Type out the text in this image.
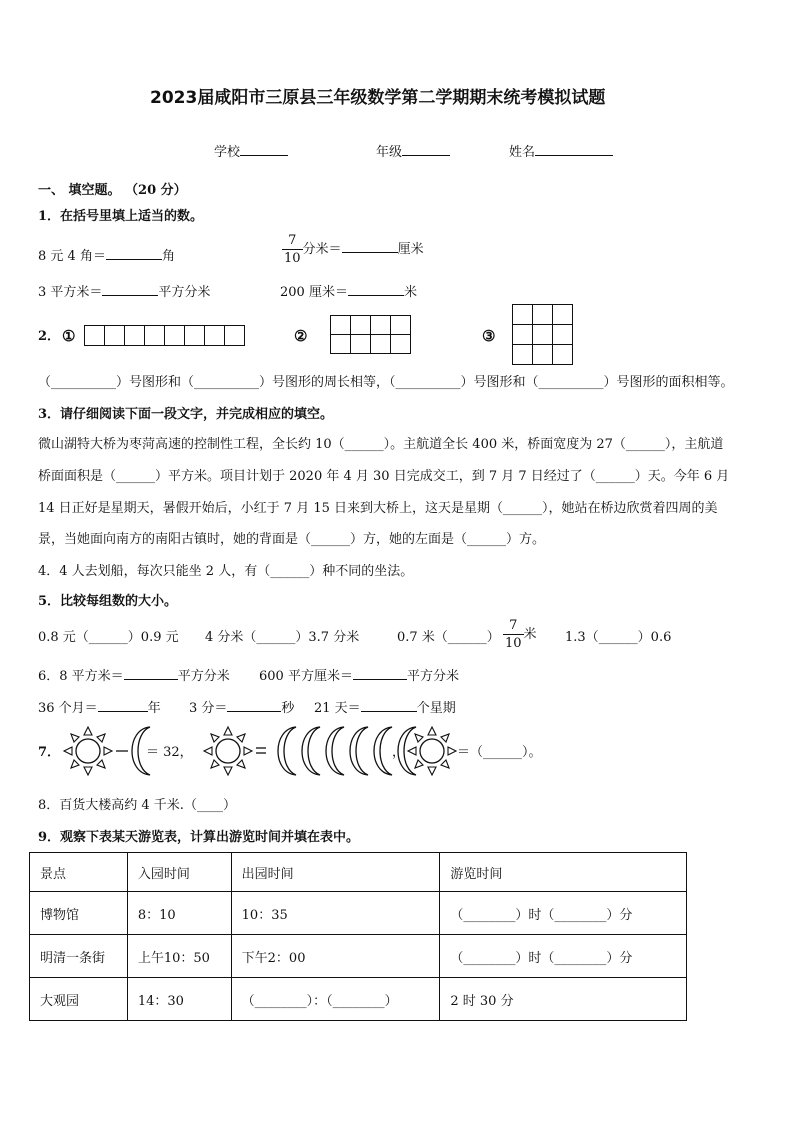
2023届咸阳市三原县三年级数学第二学期期末统考模拟试题
学校	年级	姓名
一、 填空题。 （20 分）
1．在括号里填上适当的数。
8 元 4 角＝	角	$\frac{7}{10}$ 分米＝	厘米
3 平方米＝	平方分米	200 厘米＝	米
2． ①
								②

				③

（__________）号图形和（__________）号图形的周长相等，（__________）号图形和（__________）号图形的面积相等。
3．请仔细阅读下面一段文字，并完成相应的填空。
微山湖特大桥为枣菏高速的控制性工程，全长约 10（______）。主航道全长 400 米，桥面宽度为 27（______），主航道
桥面面积是（______）平方米。项目计划于 2020 年 4 月 30 日完成交工，到 7 月 7 日经过了（______）天。今年 6 月
14 日正好是星期天，暑假开始后，小红于 7 月 15 日来到大桥上，这天是星期（______），她站在桥边欣赏着四周的美
景，当她面向南方的南阳古镇时，她的背面是（______）方，她的左面是（______）方。
4．4 人去划船，每次只能坐 2 人，有（______）种不同的坐法。
5．比较每组数的大小。
0.8 元（______）0.9 元 4 分米（______）3.7 分米	0.7 米（______） $\frac{7}{10}$ 米 1.3（______）0.6
6．8 平方米＝	平方分米 600 平方厘米＝	平方分米
36 个月＝	年 3 分＝	秒 21 天＝	个星期
7．	＝ 32，	，	＝（______）。
8．百货大楼高约 4 千米.（____）
9．观察下表某天游览表，计算出游览时间并填在表中。
景点	入园时间	出园时间	游览时间
博物馆	8：10	10：35	（________）时（________）分
明清一条街	上午10：50	下午2：00	（________）时（________）分
大观园	14：30	（________）：（________）	2 时 30 分
